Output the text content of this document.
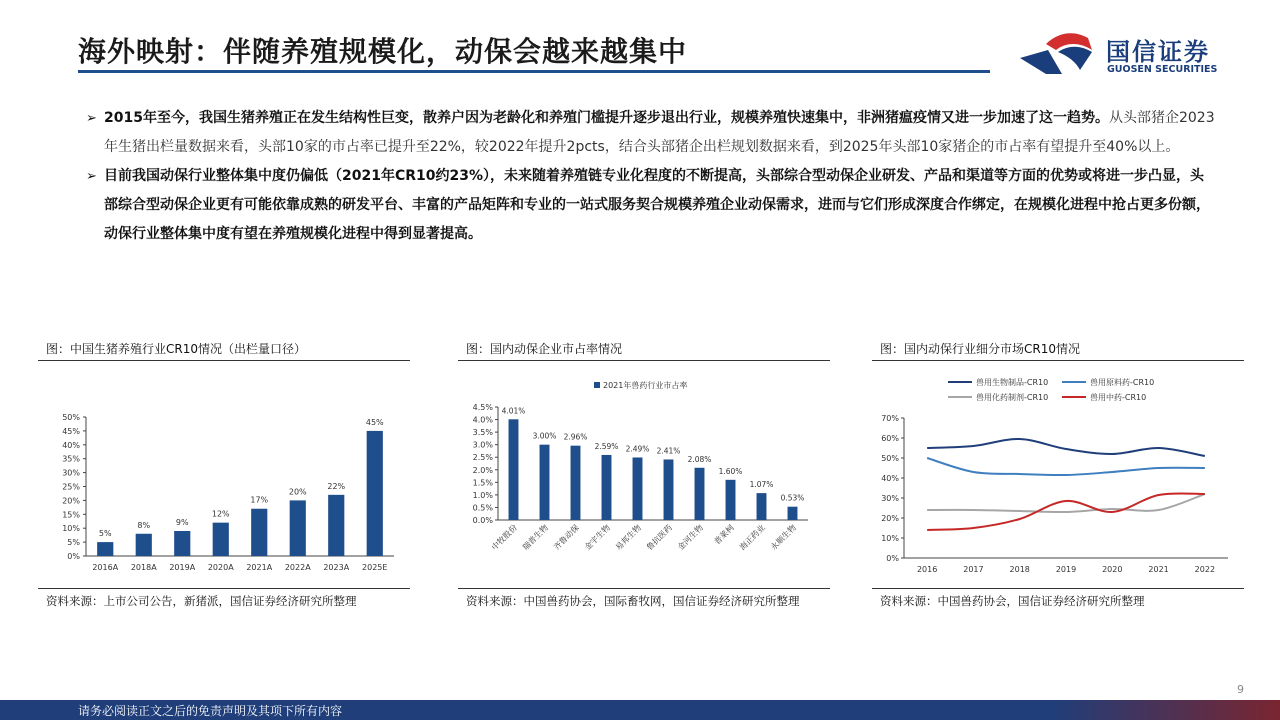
海外映射：伴随养殖规模化，动保会越来越集中	国信证券
GUOSEN SECURITIES
➢ 2015年至今，我国生猪养殖正在发生结构性巨变，散养户因为老龄化和养殖门槛提升逐步退出行业，规模养殖快速集中，非洲猪瘟疫情又进一步加速了这一趋势。从头部猪企2023年生猪出栏量数据来看，头部10家的市占率已提升至22%，较2022年提升2pcts，结合头部猪企出栏规划数据来看，到2025年头部10家猪企的市占率有望提升至40%以上。
➢ 目前我国动保行业整体集中度仍偏低（2021年CR10约23%），未来随着养殖链专业化程度的不断提高，头部综合型动保企业研发、产品和渠道等方面的优势或将进一步凸显，头部综合型动保企业更有可能依靠成熟的研发平台、丰富的产品矩阵和专业的一站式服务契合规模养殖企业动保需求，进而与它们形成深度合作绑定，在规模化进程中抢占更多份额，动保行业整体集中度有望在养殖规模化进程中得到显著提高。
图：中国生猪养殖行业CR10情况（出栏量口径）
0%
5%
10%
15%
20%
25%
30%
35%
40%
45%
50%
5%
2016A
8%
2018A
9%
2019A
12%
2020A
17%
2021A
20%
2022A
22%
2023A
45%
2025E
资料来源：上市公司公告，新猪派，国信证券经济研究所整理
图：国内动保企业市占率情况
2021年兽药行业市占率
0.0%
0.5%
1.0%
1.5%
2.0%
2.5%
3.0%
3.5%
4.0%
4.5% 4.01%
中牧股份
3.00%
瑞普生物
2.96%
齐鲁动保
2.59%
金宇生物
2.49%
易邦生物
2.41%
鲁抗医药
2.08%
金河生物
1.60%
普莱柯
1.07%
海正药业
0.53%
永顺生物
资料来源：中国兽药协会，国际畜牧网，国信证券经济研究所整理
图：国内动保行业细分市场CR10情况
兽用生物制品-CR10	兽用原料药-CR10
兽用化药制剂-CR10	兽用中药-CR10
0%
10%
20%
30%
40%
50%
60%
70%
2016	2017	2018	2019	2020	2021	2022
资料来源：中国兽药协会，国信证券经济研究所整理
9
请务必阅读正文之后的免责声明及其项下所有内容
